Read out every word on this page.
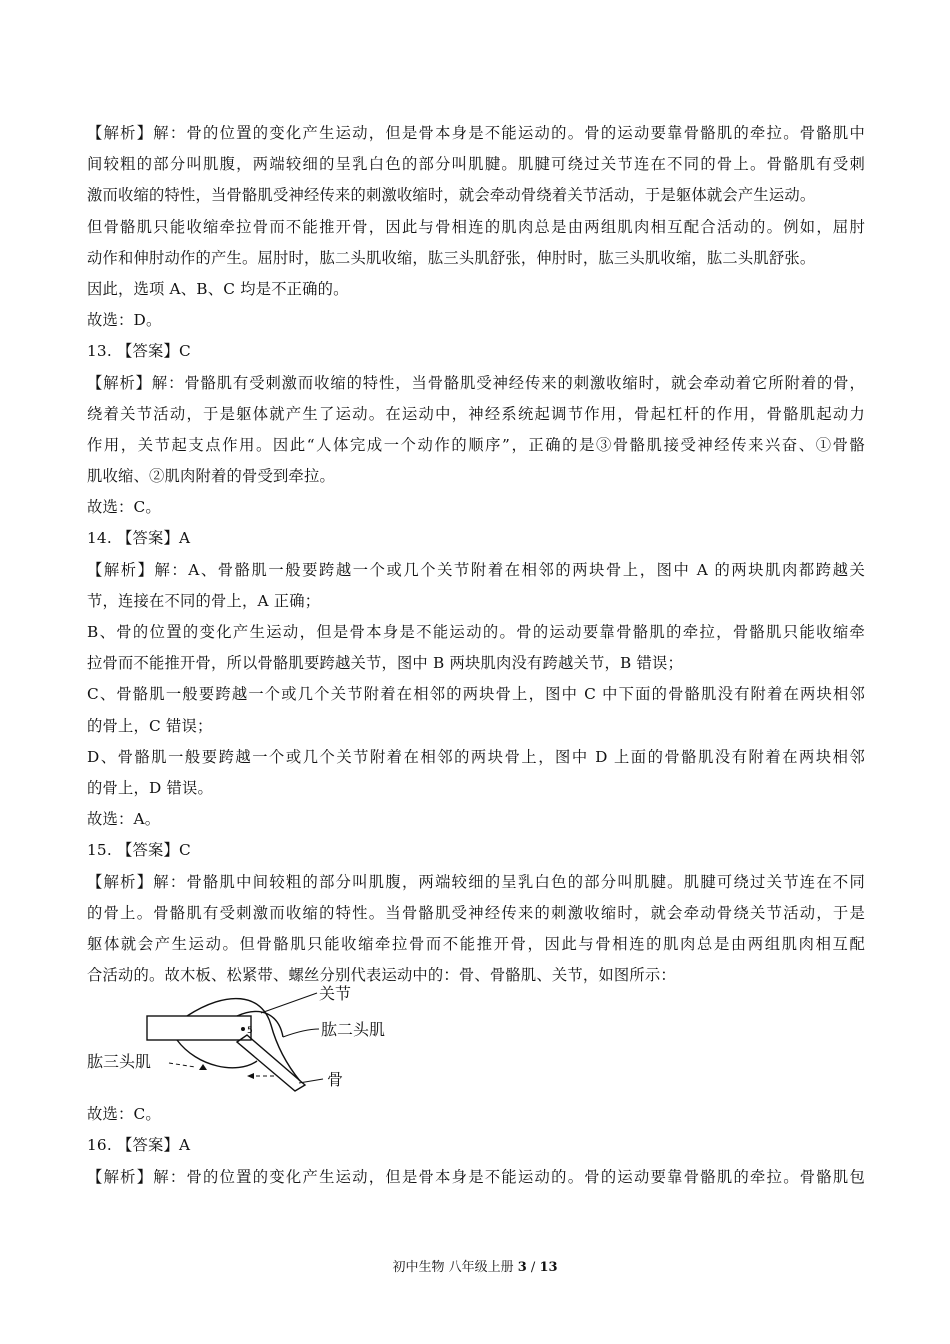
【解析】解：骨的位置的变化产生运动，但是骨本身是不能运动的。骨的运动要靠骨骼肌的牵拉。骨骼肌中
间较粗的部分叫肌腹，两端较细的呈乳白色的部分叫肌腱。肌腱可绕过关节连在不同的骨上。骨骼肌有受刺
激而收缩的特性，当骨骼肌受神经传来的刺激收缩时，就会牵动骨绕着关节活动，于是躯体就会产生运动。
但骨骼肌只能收缩牵拉骨而不能推开骨，因此与骨相连的肌肉总是由两组肌肉相互配合活动的。例如，屈肘
动作和伸肘动作的产生。屈肘时，肱二头肌收缩，肱三头肌舒张，伸肘时，肱三头肌收缩，肱二头肌舒张。
因此，选项 A、B、C 均是不正确的。
故选：D。
13. 【答案】C
【解析】解：骨骼肌有受刺激而收缩的特性，当骨骼肌受神经传来的刺激收缩时，就会牵动着它所附着的骨，
绕着关节活动，于是躯体就产生了运动。在运动中，神经系统起调节作用，骨起杠杆的作用，骨骼肌起动力
作用，关节起支点作用。因此“人体完成一个动作的顺序”，正确的是③骨骼肌接受神经传来兴奋、①骨骼
肌收缩、②肌肉附着的骨受到牵拉。
故选：C。
14. 【答案】A
【解析】解：A、骨骼肌一般要跨越一个或几个关节附着在相邻的两块骨上，图中 A 的两块肌肉都跨越关
节，连接在不同的骨上，A 正确；
B、骨的位置的变化产生运动，但是骨本身是不能运动的。骨的运动要靠骨骼肌的牵拉，骨骼肌只能收缩牵
拉骨而不能推开骨，所以骨骼肌要跨越关节，图中 B 两块肌肉没有跨越关节，B 错误；
C、骨骼肌一般要跨越一个或几个关节附着在相邻的两块骨上，图中 C 中下面的骨骼肌没有附着在两块相邻
的骨上，C 错误；
D、骨骼肌一般要跨越一个或几个关节附着在相邻的两块骨上，图中 D 上面的骨骼肌没有附着在两块相邻
的骨上，D 错误。
故选：A。
15. 【答案】C
【解析】解：骨骼肌中间较粗的部分叫肌腹，两端较细的呈乳白色的部分叫肌腱。肌腱可绕过关节连在不同
的骨上。骨骼肌有受刺激而收缩的特性。当骨骼肌受神经传来的刺激收缩时，就会牵动骨绕关节活动，于是
躯体就会产生运动。但骨骼肌只能收缩牵拉骨而不能推开骨，因此与骨相连的肌肉总是由两组肌肉相互配
合活动的。故木板、松紧带、螺丝分别代表运动中的：骨、骨骼肌、关节，如图所示：
5
关节
肱二头肌
肱三头肌
骨
故选：C。
16. 【答案】A
【解析】解：骨的位置的变化产生运动，但是骨本身是不能运动的。骨的运动要靠骨骼肌的牵拉。骨骼肌包
初中生物 八年级上册 3 / 13
